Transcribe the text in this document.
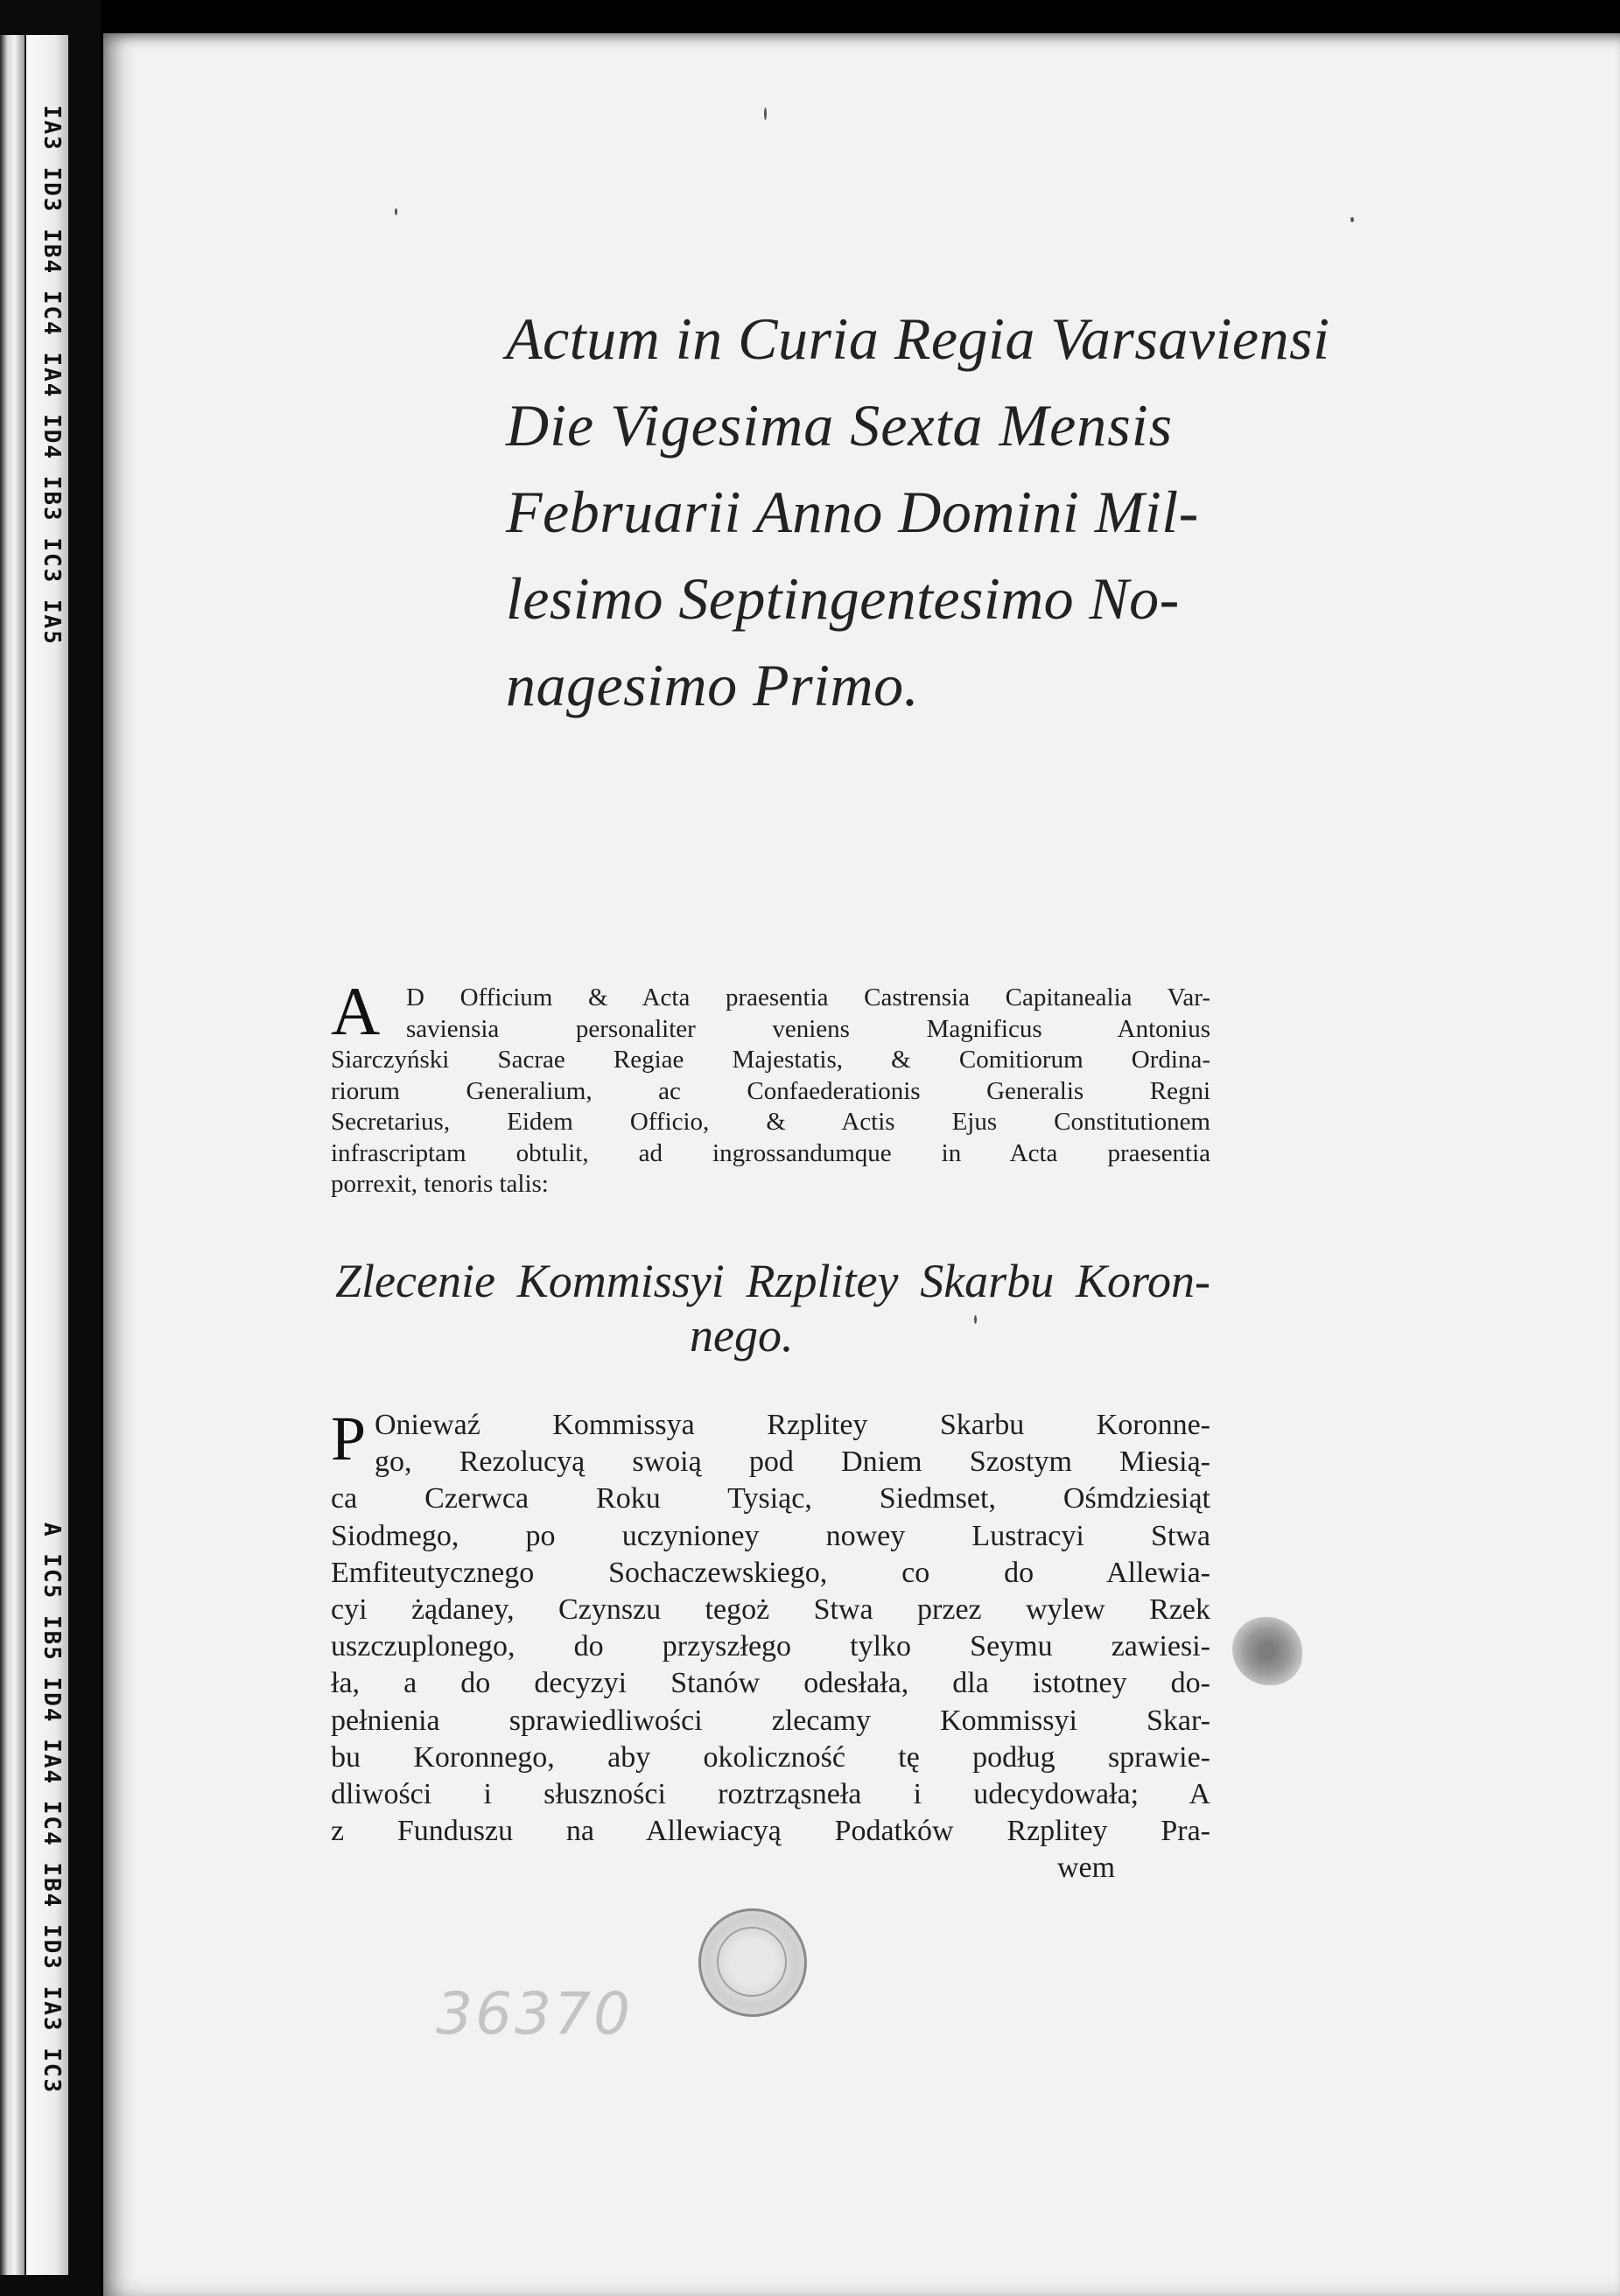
IA3 ID3 IB4 IC4 IA4 ID4 IB3 IC3 IA5
A IC5 IB5 ID4 IA4 IC4 IB4 ID3 IA3 IC3
Actum in Curia Regia Varsaviensi
Die Vigesima Sexta Mensis
Februarii Anno Domini Mil-
lesimo Septingentesimo No-
nagesimo Primo.
A D Officium & Acta praesentia Castrensia Capitanealia Var-
saviensia personaliter veniens Magnificus Antonius
Siarczyński Sacrae Regiae Majestatis, & Comitiorum Ordina-
riorum Generalium, ac Confaederationis Generalis Regni
Secretarius, Eidem Officio, & Actis Ejus Constitutionem
infrascriptam obtulit, ad ingrossandumque in Acta praesentia
porrexit, tenoris talis:
Zlecenie Kommissyi Rzplitey Skarbu Koron-
nego.
P Oniewaź Kommissya Rzplitey Skarbu Koronne-
go, Rezolucyą swoią pod Dniem Szostym Miesią-
ca Czerwca Roku Tysiąc, Siedmset, Ośmdziesiąt
Siodmego, po uczynioney nowey Lustracyi Stwa
Emfiteutycznego Sochaczewskiego, co do Allewia-
cyi żądaney, Czynszu tegoż Stwa przez wylew Rzek
uszczuplonego, do przyszłego tylko Seymu zawiesi-
ła, a do decyzyi Stanów odesłała, dla istotney do-
pełnienia sprawiedliwości zlecamy Kommissyi Skar-
bu Koronnego, aby okoliczność tę podług sprawie-
dliwości i słuszności roztrząsneła i udecydowała; A
z Funduszu na Allewiacyą Podatków Rzplitey Pra-
wem
36370
